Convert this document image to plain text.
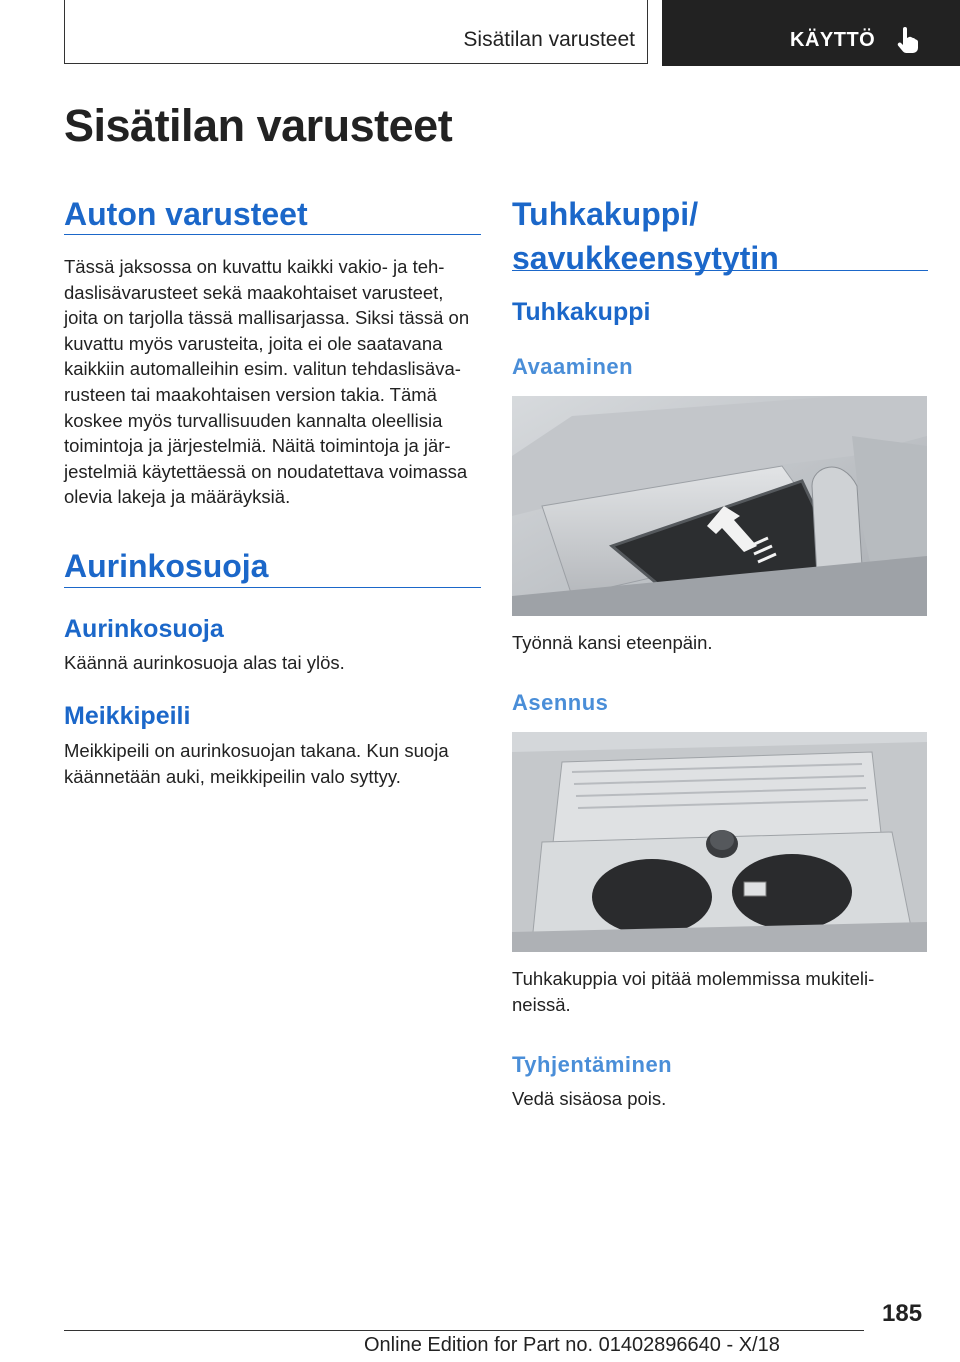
Sisätilan varusteet	KÄYTTÖ
Sisätilan varusteet
Auton varusteet
Tässä jaksossa on kuvattu kaikki vakio- ja teh‐
daslisävarusteet sekä maakohtaiset varusteet,
joita on tarjolla tässä mallisarjassa. Siksi tässä on
kuvattu myös varusteita, joita ei ole saatavana
kaikkiin automalleihin esim. valitun tehdaslisäva‐
rusteen tai maakohtaisen version takia. Tämä
koskee myös turvallisuuden kannalta oleellisia
toimintoja ja järjestelmiä. Näitä toimintoja ja jär‐
jestelmiä käytettäessä on noudatettava voimassa
olevia lakeja ja määräyksiä.
Aurinkosuoja
Aurinkosuoja
Käännä aurinkosuoja alas tai ylös.
Meikkipeili
Meikkipeili on aurinkosuojan takana. Kun suoja
käännetään auki, meikkipeilin valo syttyy.
Tuhkakuppi/
savukkeensytytin
Tuhkakuppi
Avaaminen
Työnnä kansi eteenpäin.
Asennus
Tuhkakuppia voi pitää molemmissa mukiteli‐
neissä.
Tyhjentäminen
Vedä sisäosa pois.
185
Online Edition for Part no. 01402896640 - X/18
